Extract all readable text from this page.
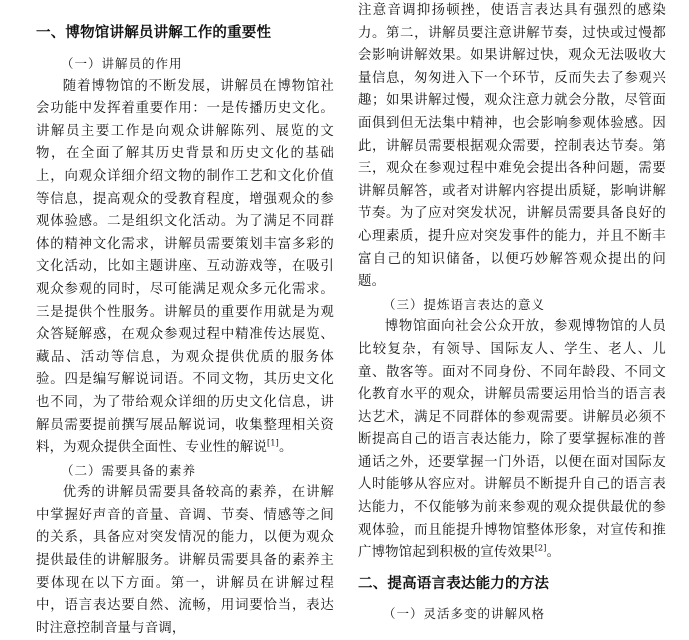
一、博物馆讲解员讲解工作的重要性
（一）讲解员的作用

随着博物馆的不断发展，讲解员在博物馆社会功能中发挥着重要作用：一是传播历史文化。讲解员主要工作是向观众讲解陈列、展览的文物，在全面了解其历史背景和历史文化的基础上，向观众详细介绍文物的制作工艺和文化价值等信息，提高观众的受教育程度，增强观众的参观体验感。二是组织文化活动。为了满足不同群体的精神文化需求，讲解员需要策划丰富多彩的文化活动，比如主题讲座、互动游戏等，在吸引观众参观的同时，尽可能满足观众多元化需求。三是提供个性服务。讲解员的重要作用就是为观众答疑解惑，在观众参观过程中精准传达展览、藏品、活动等信息，为观众提供优质的服务体验。四是编写解说词语。不同文物，其历史文化也不同，为了带给观众详细的历史文化信息，讲解员需要提前撰写展品解说词，收集整理相关资料，为观众提供全面性、专业性的解说[1]。

（二）需要具备的素养

优秀的讲解员需要具备较高的素养，在讲解中掌握好声音的音量、音调、节奏、情感等之间的关系，具备应对突发情况的能力，以便为观众提供最佳的讲解服务。讲解员需要具备的素养主要体现在以下方面。第一，讲解员在讲解过程中，语言表达要自然、流畅，用词要恰当，表达时注意控制音量与音调，

注意音调抑扬顿挫，使语言表达具有强烈的感染力。第二，讲解员要注意讲解节奏，过快或过慢都会影响讲解效果。如果讲解过快，观众无法吸收大量信息，匆匆进入下一个环节，反而失去了参观兴趣；如果讲解过慢，观众注意力就会分散，尽管面面俱到但无法集中精神，也会影响参观体验感。因此，讲解员需要根据观众需要，控制表达节奏。第三，观众在参观过程中难免会提出各种问题，需要讲解员解答，或者对讲解内容提出质疑，影响讲解节奏。为了应对突发状况，讲解员需要具备良好的心理素质，提升应对突发事件的能力，并且不断丰富自己的知识储备，以便巧妙解答观众提出的问题。

（三）提炼语言表达的意义

博物馆面向社会公众开放，参观博物馆的人员比较复杂，有领导、国际友人、学生、老人、儿童、散客等。面对不同身份、不同年龄段、不同文化教育水平的观众，讲解员需要运用恰当的语言表达艺术，满足不同群体的参观需要。讲解员必须不断提高自己的语言表达能力，除了要掌握标准的普通话之外，还要掌握一门外语，以便在面对国际友人时能够从容应对。讲解员不断提升自己的语言表达能力，不仅能够为前来参观的观众提供最优的参观体验，而且能提升博物馆整体形象，对宣传和推广博物馆起到积极的宣传效果[2]。

二、提高语言表达能力的方法
（一）灵活多变的讲解风格
